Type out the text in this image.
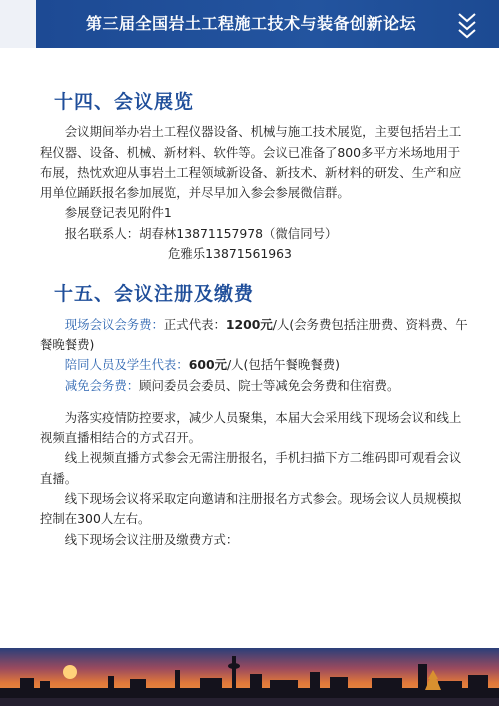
第三届全国岩土工程施工技术与装备创新论坛
十四、会议展览

会议期间举办岩土工程仪器设备、机械与施工技术展览，主要包括岩土工程仪器、设备、机械、新材料、软件等。会议已准备了800多平方米场地用于布展，热忱欢迎从事岩土工程领域新设备、新技术、新材料的研发、生产和应用单位踊跃报名参加展览，并尽早加入参会参展微信群。

参展登记表见附件1

报名联系人：胡春林13871157978（微信同号）

危雅乐13871561963

十五、会议注册及缴费

现场会议会务费：正式代表：1200元/人(会务费包括注册费、资料费、午餐晚餐费)

陪同人员及学生代表：600元/人(包括午餐晚餐费)

减免会务费：顾问委员会委员、院士等减免会务费和住宿费。

为落实疫情防控要求，减少人员聚集，本届大会采用线下现场会议和线上视频直播相结合的方式召开。

线上视频直播方式参会无需注册报名，手机扫描下方二维码即可观看会议直播。

线下现场会议将采取定向邀请和注册报名方式参会。现场会议人员规模拟控制在300人左右。

线下现场会议注册及缴费方式：
